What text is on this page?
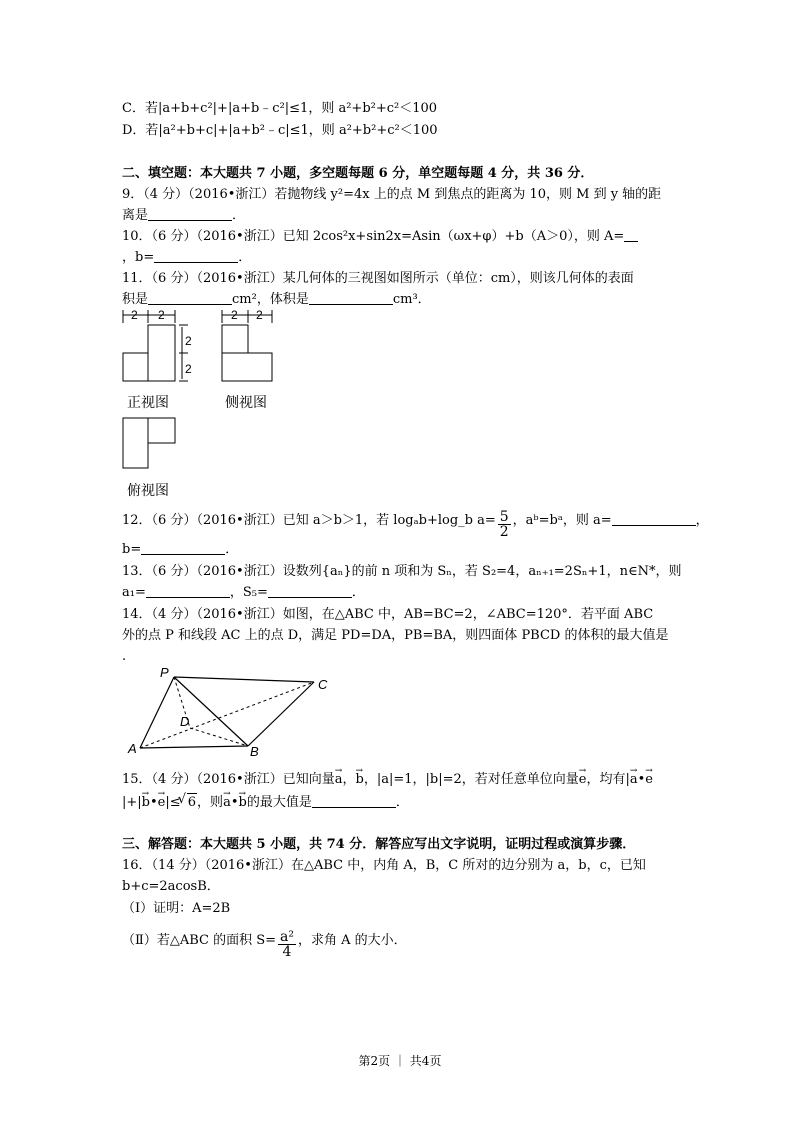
C．若|a+b+c²|+|a+b﹣c²|≤1，则 a²+b²+c²＜100
D．若|a²+b+c|+|a+b²﹣c|≤1，则 a²+b²+c²＜100
二、填空题：本大题共 7 小题，多空题每题 6 分，单空题每题 4 分，共 36 分．
9．（4 分）（2016•浙江）若抛物线 y²=4x 上的点 M 到焦点的距离为 10，则 M 到 y 轴的距
离是	．
10．（6 分）（2016•浙江）已知 2cos²x+sin2x=Asin（ωx+φ）+b（A＞0），则 A=
，b=	．
11．（6 分）（2016•浙江）某几何体的三视图如图所示（单位：cm），则该几何体的表面
积是	cm²，体积是	cm³．
2 2
2
2
2 2
正视图	侧视图
俯视图
12．（6 分）（2016•浙江）已知 a＞b＞1，若 logₐb+log_b $a= \frac{5}{2}$ ，aᵇ=bᵃ，则 a=	，
b=	．
13．（6 分）（2016•浙江）设数列{aₙ}的前 n 项和为 Sₙ，若 S₂=4，aₙ₊₁=2Sₙ+1，n∈N*，则
a₁=	，S₅=	．
14．（4 分）（2016•浙江）如图，在△ABC 中，AB=BC=2，∠ABC=120°．若平面 ABC
外的点 P 和线段 AC 上的点 D，满足 PD=DA，PB=BA，则四面体 PBCD 的体积的最大值是
.
P
C
D
A	B
15．（4 分）（2016•浙江）已知向量→ a，→ b，|a|=1，|b|=2，若对任意单位向量→ e，均有|→ a•→ e
|+|→ b•→ e|≤ √ 6，则→ a•→ b的最大值是	．
三、解答题：本大题共 5 小题，共 74 分．解答应写出文字说明，证明过程或演算步骤．
16．（14 分）（2016•浙江）在△ABC 中，内角 A，B，C 所对的边分别为 a，b，c，已知
b+c=2acosB．
（Ⅰ）证明：A=2B
（Ⅱ）若△ABC 的面积 $S= \frac{\text{a²}}{4}$ ，求角 A 的大小．
第2页 ｜ 共4页
